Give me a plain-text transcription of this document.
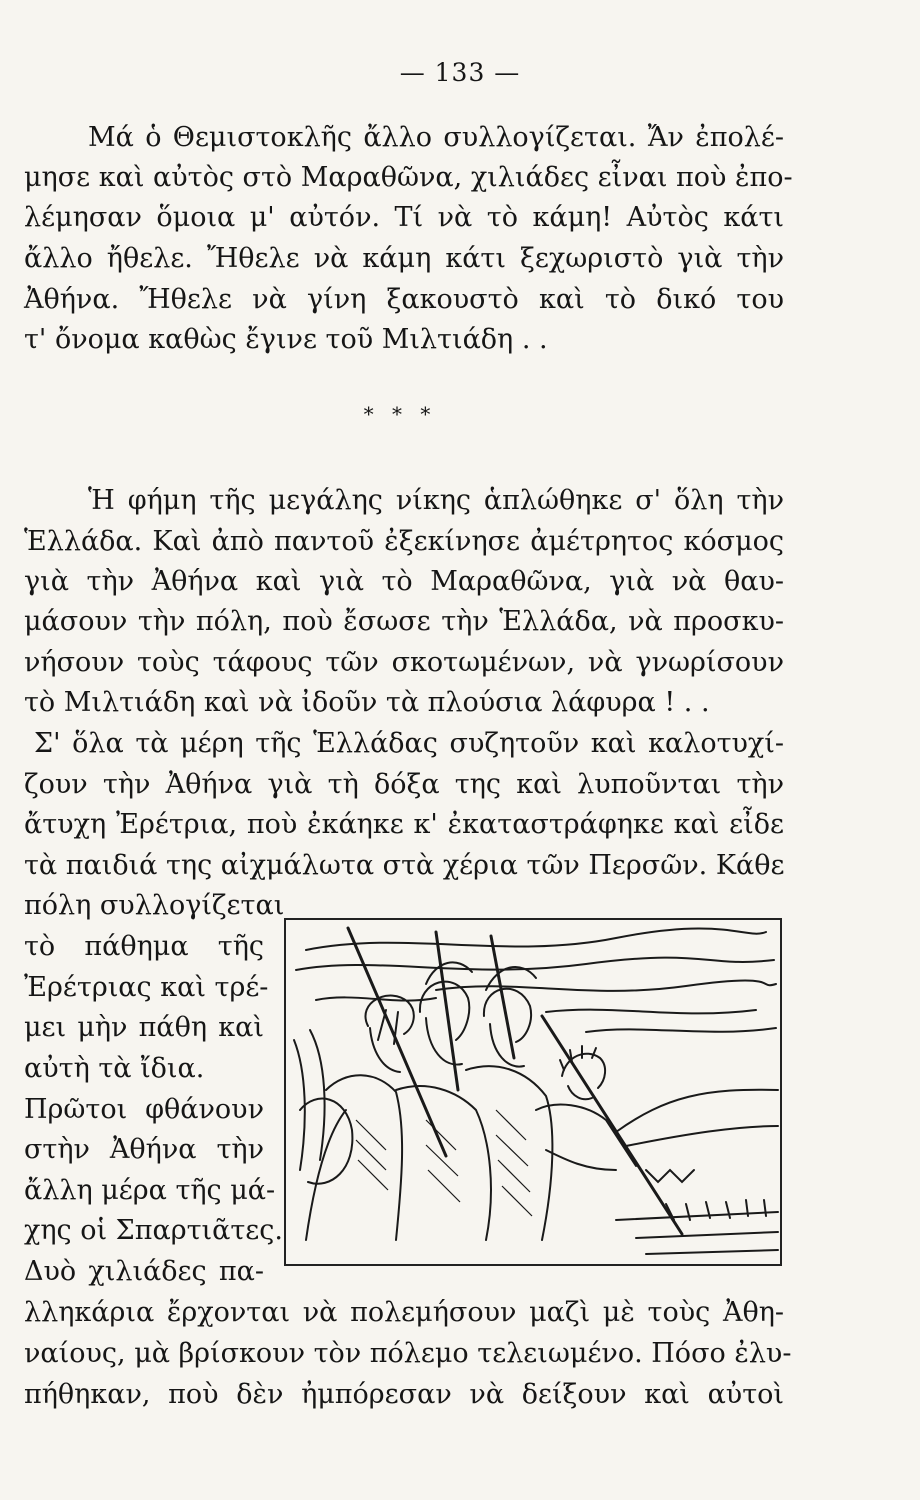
— 133 —
Μά ὁ Θεμιστοκλῆς ἄλλο συλλογίζεται. Ἄν ἐπολέ-
μησε καὶ αὐτὸς στὸ Μαραθῶνα, χιλιάδες εἶναι ποὺ ἐπο-
λέμησαν ὅμοια μ' αὐτόν. Τί νὰ τὸ κάμη! Αὐτὸς κάτι
ἄλλο ἤθελε. Ἤθελε νὰ κάμη κάτι ξεχωριστὸ γιὰ τὴν
Ἀθήνα. Ἤθελε νὰ γίνη ξακουστὸ καὶ τὸ δικό του
τ' ὄνομα καθὼς ἔγινε τοῦ Μιλτιάδη . .
* * *
Ἡ φήμη τῆς μεγάλης νίκης ἁπλώθηκε σ' ὅλη τὴν
Ἑλλάδα. Καὶ ἀπὸ παντοῦ ἐξεκίνησε ἀμέτρητος κόσμος
γιὰ τὴν Ἀθήνα καὶ γιὰ τὸ Μαραθῶνα, γιὰ νὰ θαυ-
μάσουν τὴν πόλη, ποὺ ἔσωσε τὴν Ἑλλάδα, νὰ προσκυ-
νήσουν τοὺς τάφους τῶν σκοτωμένων, νὰ γνωρίσουν
τὸ Μιλτιάδη καὶ νὰ ἰδοῦν τὰ πλούσια λάφυρα ! . .
Σ' ὅλα τὰ μέρη τῆς Ἑλλάδας συζητοῦν καὶ καλοτυχί-
ζουν τὴν Ἀθήνα γιὰ τὴ δόξα της καὶ λυποῦνται τὴν
ἄτυχη Ἐρέτρια, ποὺ ἐκάηκε κ' ἐκαταστράφηκε καὶ εἶδε
τὰ παιδιά της αἰχμάλωτα στὰ χέρια τῶν Περσῶν. Κάθε
πόλη συλλογίζεται
τὸ πάθημα τῆς
Ἐρέτριας καὶ τρέ-
μει μὴν πάθη καὶ
αὐτὴ τὰ ἴδια.
Πρῶτοι φθάνουν
στὴν Ἀθήνα τὴν
ἄλλη μέρα τῆς μά-
χης οἱ Σπαρτιᾶτες.
Δυὸ χιλιάδες πα-
λληκάρια ἔρχονται νὰ πολεμήσουν μαζὶ μὲ τοὺς Ἀθη-
ναίους, μὰ βρίσκουν τὸν πόλεμο τελειωμένο. Πόσο ἐλυ-
πήθηκαν, ποὺ δὲν ἠμπόρεσαν νὰ δείξουν καὶ αὐτοὶ
